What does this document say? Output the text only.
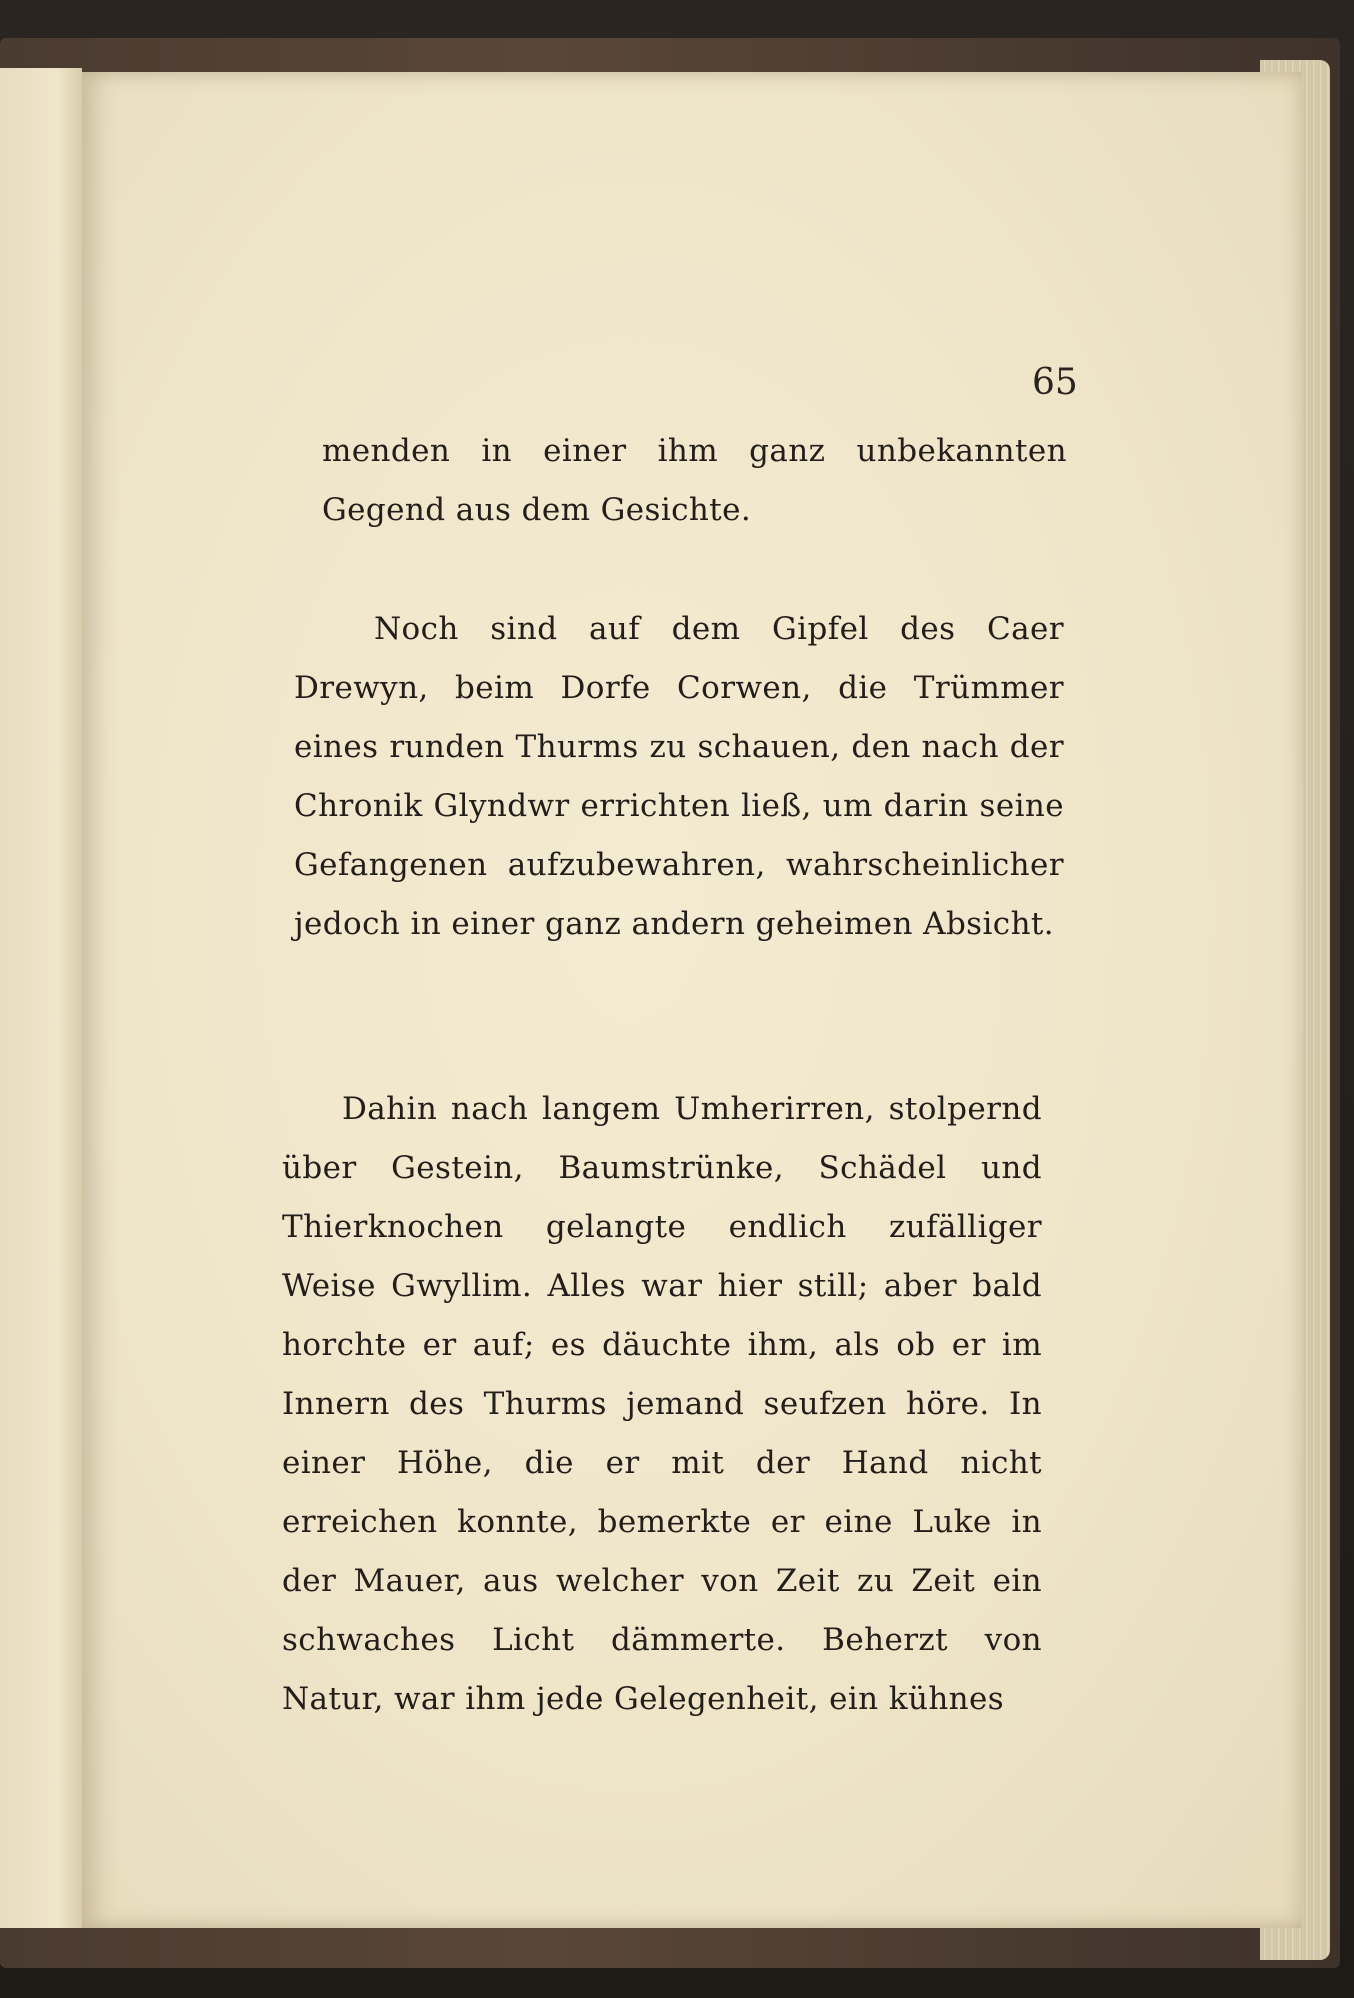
65

menden in einer ihm ganz unbekannten Gegend aus dem Gesichte.

Noch sind auf dem Gipfel des Caer Drewyn, beim Dorfe Corwen, die Trümmer eines runden Thurms zu schauen, den nach der Chronik Glyndwr errichten ließ, um darin seine Gefangenen aufzubewahren, wahrscheinlicher jedoch in einer ganz andern geheimen Absicht.

Dahin nach langem Umherirren, stolpernd über Gestein, Baumstrünke, Schädel und Thierknochen gelangte endlich zufälliger Weise Gwyllim. Alles war hier still; aber bald horchte er auf; es däuchte ihm, als ob er im Innern des Thurms jemand seufzen höre. In einer Höhe, die er mit der Hand nicht erreichen konnte, bemerkte er eine Luke in der Mauer, aus welcher von Zeit zu Zeit ein schwaches Licht dämmerte. Beherzt von Natur, war ihm jede Gelegenheit, ein kühnes
